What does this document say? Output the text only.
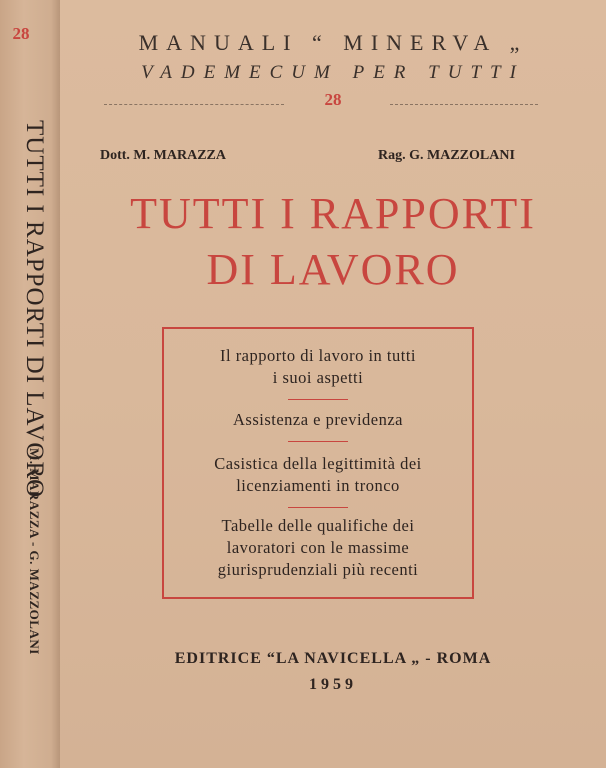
28
TUTTI I RAPPORTI DI LAVORO
M. MARAZZA - G. MAZZOLANI
MANUALI “ MINERVA „
VADEMECUM PER TUTTI
28
Dott. M. MARAZZA	Rag. G. MAZZOLANI
TUTTI I RAPPORTI
DI LAVORO
Il rapporto di lavoro in tutti
i suoi aspetti
Assistenza e previdenza
Casistica della legittimità dei
licenziamenti in tronco
Tabelle delle qualifiche dei
lavoratori con le massime
giurisprudenziali più recenti
EDITRICE “LA NAVICELLA „ - ROMA
1959
